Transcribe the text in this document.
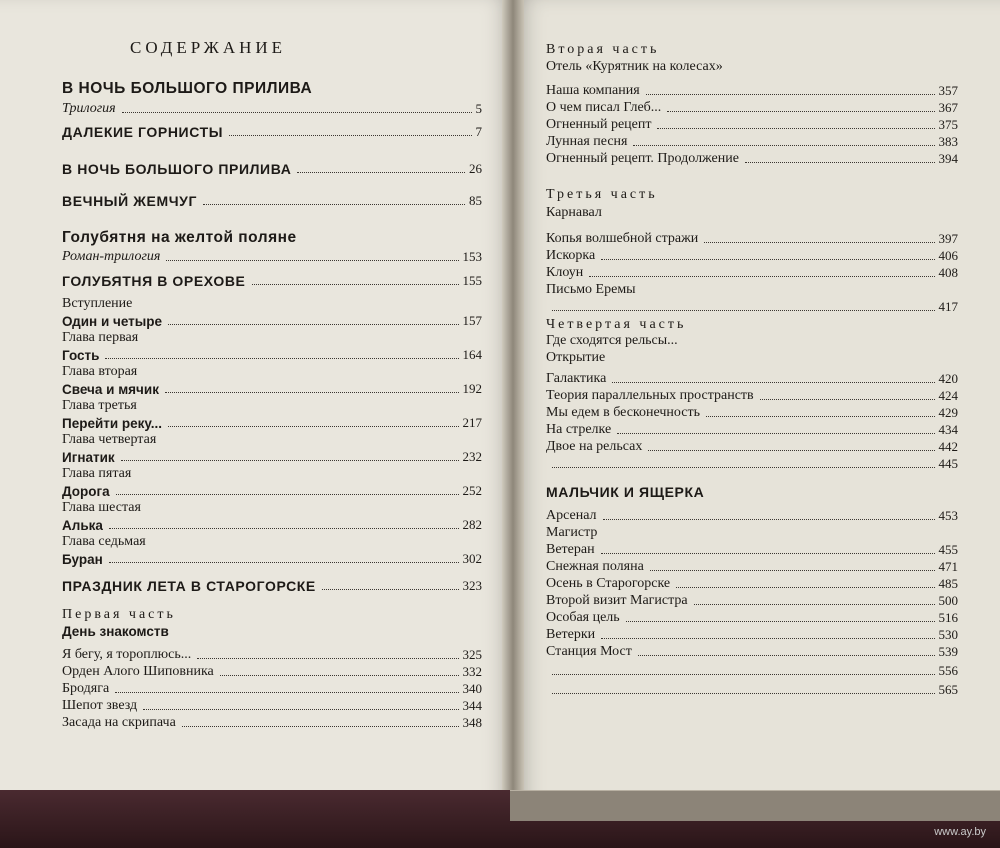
СОДЕРЖАНИЕ
В НОЧЬ БОЛЬШОГО ПРИЛИВА
Трилогия	5
ДАЛЕКИЕ ГОРНИСТЫ	7
В НОЧЬ БОЛЬШОГО ПРИЛИВА	26
ВЕЧНЫЙ ЖЕМЧУГ	85
Голубятня на желтой поляне
Роман-трилогия	153
ГОЛУБЯТНЯ В ОРЕХОВЕ	155
Вступление
Один и четыре	157
Глава первая
Гость	164
Глава вторая
Свеча и мячик	192
Глава третья
Перейти реку...	217
Глава четвертая
Игнатик	232
Глава пятая
Дорога	252
Глава шестая
Алька	282
Глава седьмая
Буран	302
ПРАЗДНИК ЛЕТА В СТАРОГОРСКЕ	323
Первая часть
День знакомств
Я бегу, я тороплюсь...	325
Орден Алого Шиповника	332
Бродяга	340
Шепот звезд	344
Засада на скрипача	348
Вторая часть
Отель «Курятник на колесах»
Наша компания	357
О чем писал Глеб...	367
Огненный рецепт	375
Лунная песня	383
Огненный рецепт. Продолжение	394
Третья часть
Карнавал
Копья волшебной стражи	397
Искорка	406
Клоун	408
Письмо Еремы
417
Четвертая часть
Где сходятся рельсы...
Открытие
Галактика	420
Теория параллельных пространств	424
Мы едем в бесконечность	429
На стрелке	434
Двое на рельсах	442
445
МАЛЬЧИК И ЯЩЕРКА
Арсенал	453
Магистр
Ветеран	455
Снежная поляна	471
Осень в Старогорске	485
Второй визит Магистра	500
Особая цель	516
Ветерки	530
Станция Мост	539
556
565
www.ay.by
